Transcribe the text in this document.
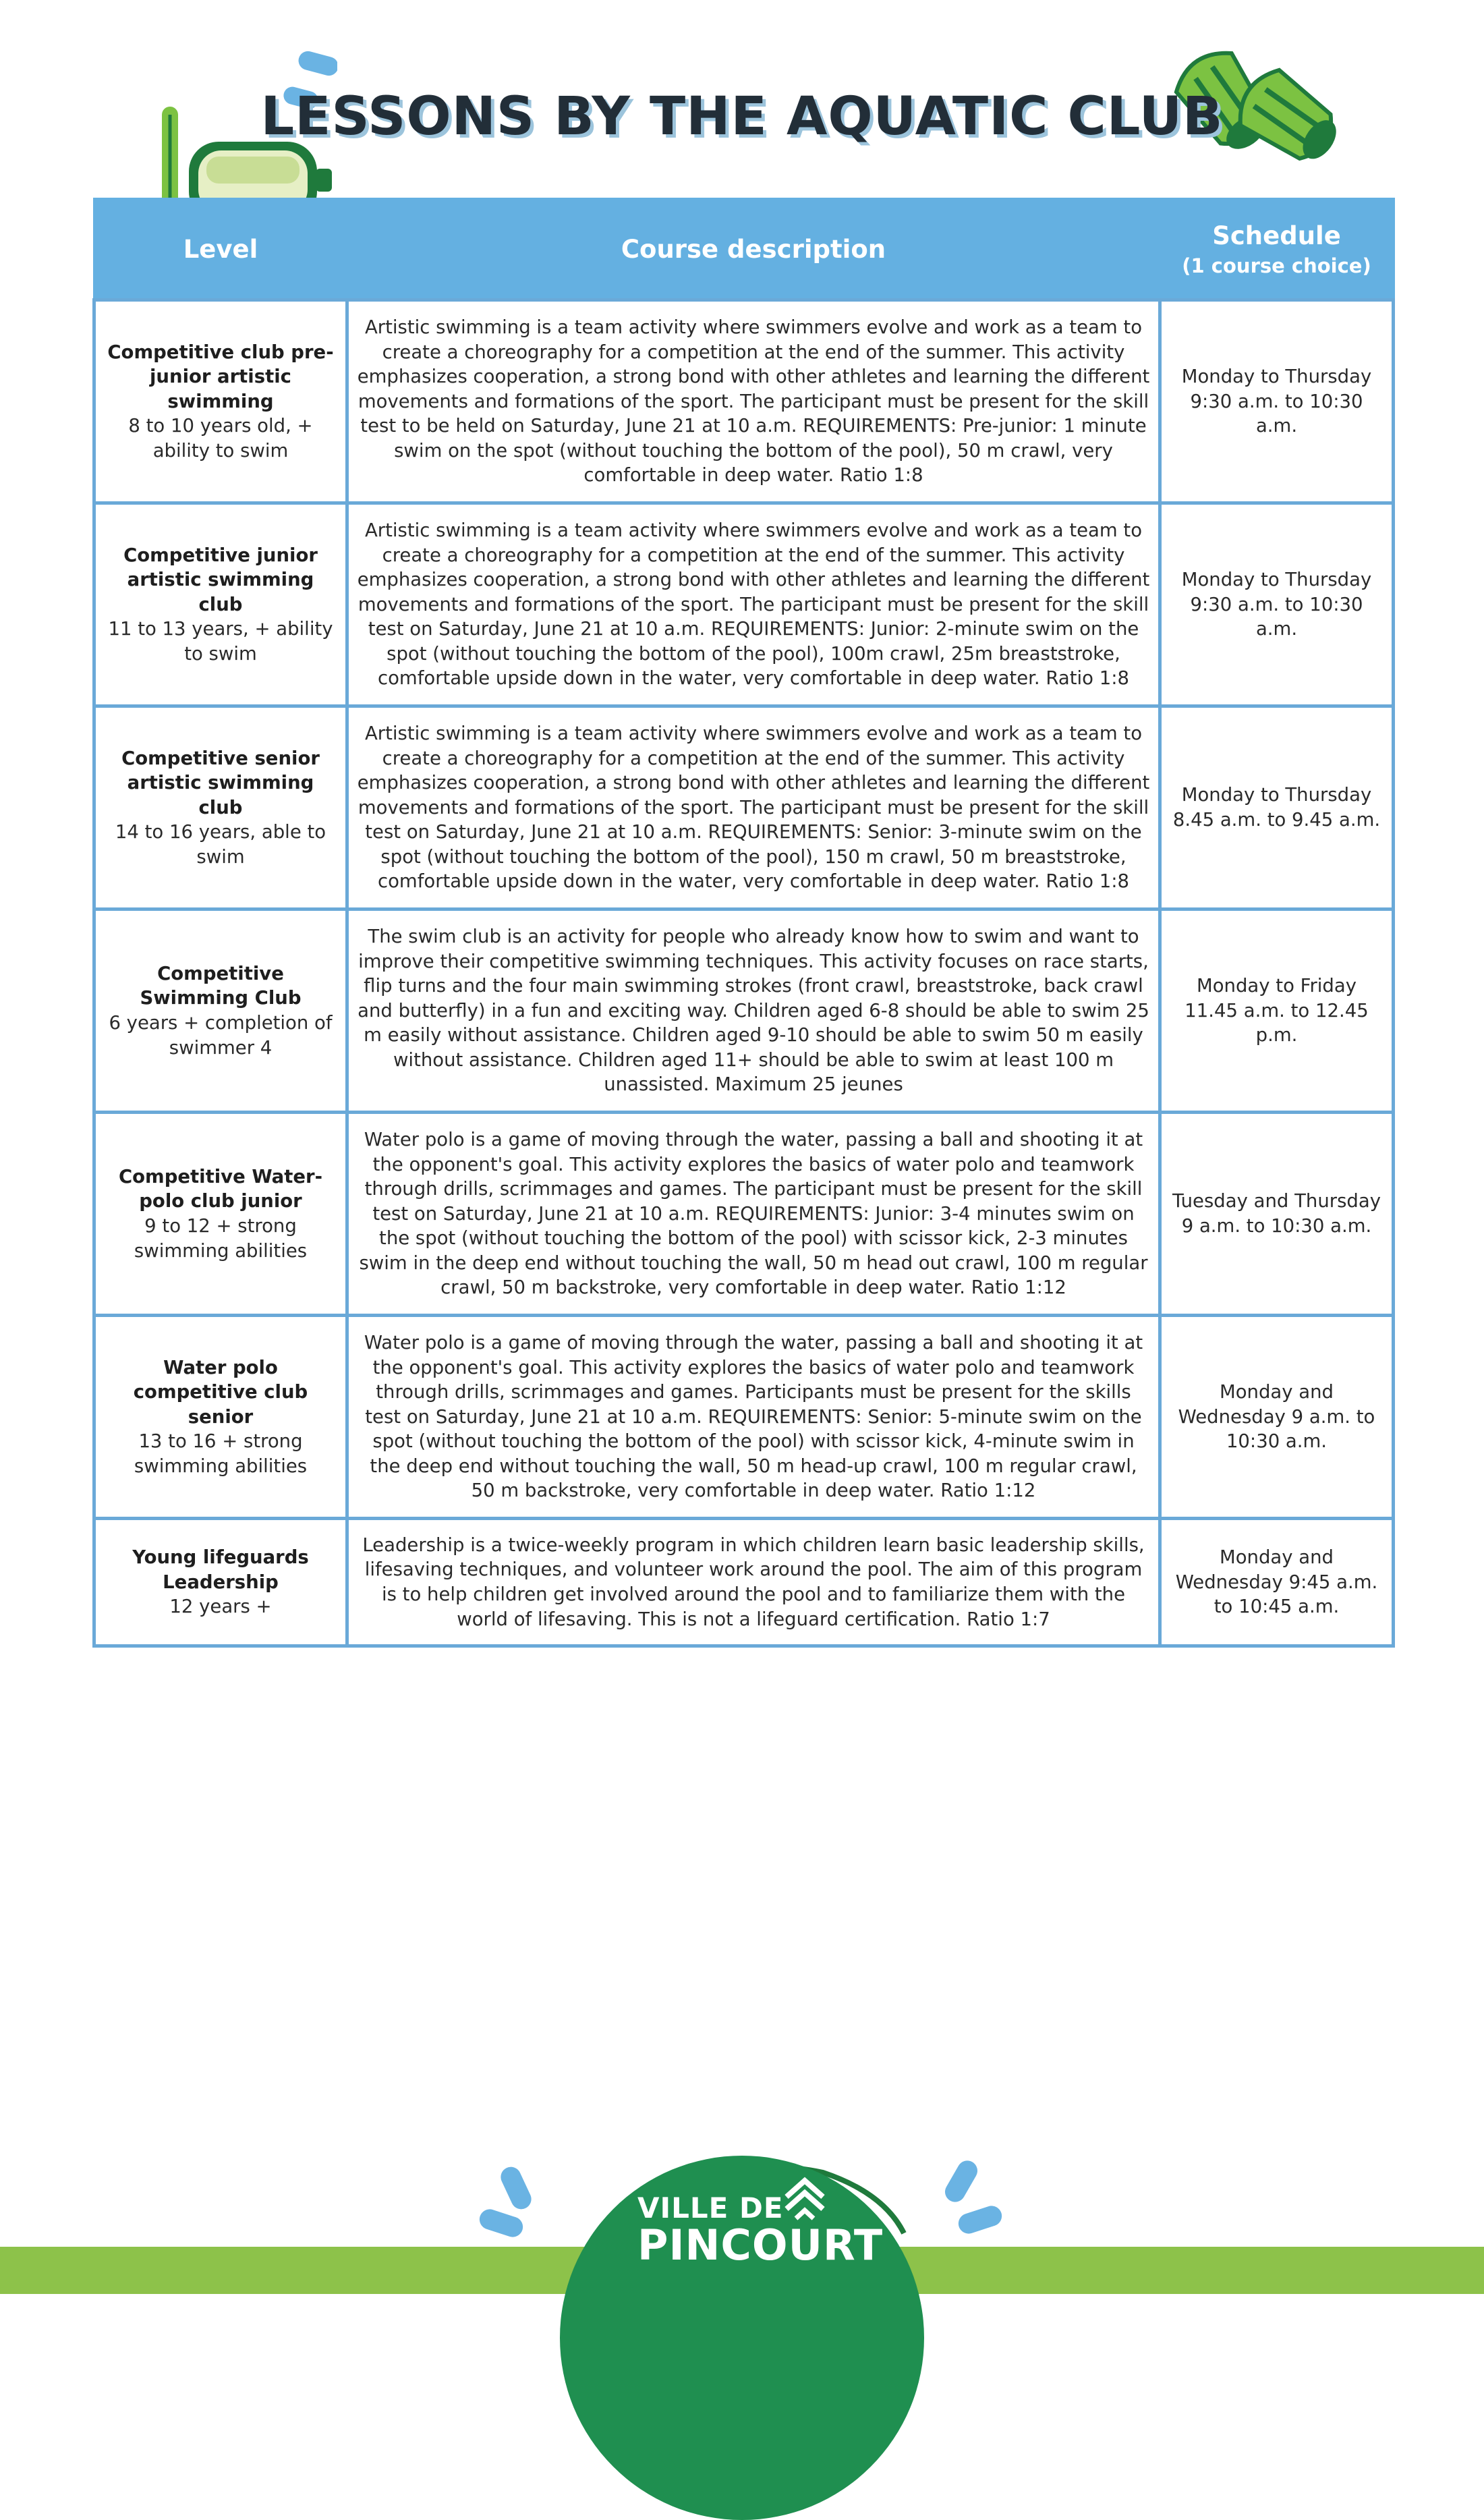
LESSONS BY THE AQUATIC CLUB
Level	Course description	Schedule
(1 course choice)

Competitive club pre-junior artistic swimming
8 to 10 years old, + ability to swim	Artistic swimming is a team activity where swimmers evolve and work as a team to create a choreography for a competition at the end of the summer. This activity emphasizes cooperation, a strong bond with other athletes and learning the different movements and formations of the sport. The participant must be present for the skill test to be held on Saturday, June 21 at 10 a.m. REQUIREMENTS: Pre-junior: 1 minute swim on the spot (without touching the bottom of the pool), 50 m crawl, very comfortable in deep water. Ratio 1:8	Monday to Thursday 9:30 a.m. to 10:30 a.m.

Competitive junior artistic swimming club
11 to 13 years, + ability to swim	Artistic swimming is a team activity where swimmers evolve and work as a team to create a choreography for a competition at the end of the summer. This activity emphasizes cooperation, a strong bond with other athletes and learning the different movements and formations of the sport. The participant must be present for the skill test on Saturday, June 21 at 10 a.m. REQUIREMENTS: Junior: 2-minute swim on the spot (without touching the bottom of the pool), 100m crawl, 25m breaststroke, comfortable upside down in the water, very comfortable in deep water. Ratio 1:8	Monday to Thursday 9:30 a.m. to 10:30 a.m.

Competitive senior artistic swimming club
14 to 16 years, able to swim	Artistic swimming is a team activity where swimmers evolve and work as a team to create a choreography for a competition at the end of the summer. This activity emphasizes cooperation, a strong bond with other athletes and learning the different movements and formations of the sport. The participant must be present for the skill test on Saturday, June 21 at 10 a.m. REQUIREMENTS: Senior: 3-minute swim on the spot (without touching the bottom of the pool), 150 m crawl, 50 m breaststroke, comfortable upside down in the water, very comfortable in deep water. Ratio 1:8	Monday to Thursday 8.45 a.m. to 9.45 a.m.

Competitive Swimming Club
6 years + completion of swimmer 4	The swim club is an activity for people who already know how to swim and want to improve their competitive swimming techniques. This activity focuses on race starts, flip turns and the four main swimming strokes (front crawl, breaststroke, back crawl and butterfly) in a fun and exciting way. Children aged 6-8 should be able to swim 25 m easily without assistance. Children aged 9-10 should be able to swim 50 m easily without assistance. Children aged 11+ should be able to swim at least 100 m unassisted. Maximum 25 jeunes	Monday to Friday 11.45 a.m. to 12.45 p.m.

Competitive Water-polo club junior
9 to 12 + strong swimming abilities	Water polo is a game of moving through the water, passing a ball and shooting it at the opponent's goal. This activity explores the basics of water polo and teamwork through drills, scrimmages and games. The participant must be present for the skill test on Saturday, June 21 at 10 a.m. REQUIREMENTS: Junior: 3-4 minutes swim on the spot (without touching the bottom of the pool) with scissor kick, 2-3 minutes swim in the deep end without touching the wall, 50 m head out crawl, 100 m regular crawl, 50 m backstroke, very comfortable in deep water. Ratio 1:12	Tuesday and Thursday 9 a.m. to 10:30 a.m.

Water polo competitive club senior
13 to 16 + strong swimming abilities	Water polo is a game of moving through the water, passing a ball and shooting it at the opponent's goal. This activity explores the basics of water polo and teamwork through drills, scrimmages and games. Participants must be present for the skills test on Saturday, June 21 at 10 a.m. REQUIREMENTS: Senior: 5-minute swim on the spot (without touching the bottom of the pool) with scissor kick, 4-minute swim in the deep end without touching the wall, 50 m head-up crawl, 100 m regular crawl, 50 m backstroke, very comfortable in deep water. Ratio 1:12	Monday and Wednesday 9 a.m. to 10:30 a.m.

Young lifeguards Leadership
12 years +	Leadership is a twice-weekly program in which children learn basic leadership skills, lifesaving techniques, and volunteer work around the pool. The aim of this program is to help children get involved around the pool and to familiarize them with the world of lifesaving. This is not a lifeguard certification. Ratio 1:7	Monday and Wednesday 9:45 a.m. to 10:45 a.m.
VILLE DE
PINCOURT
